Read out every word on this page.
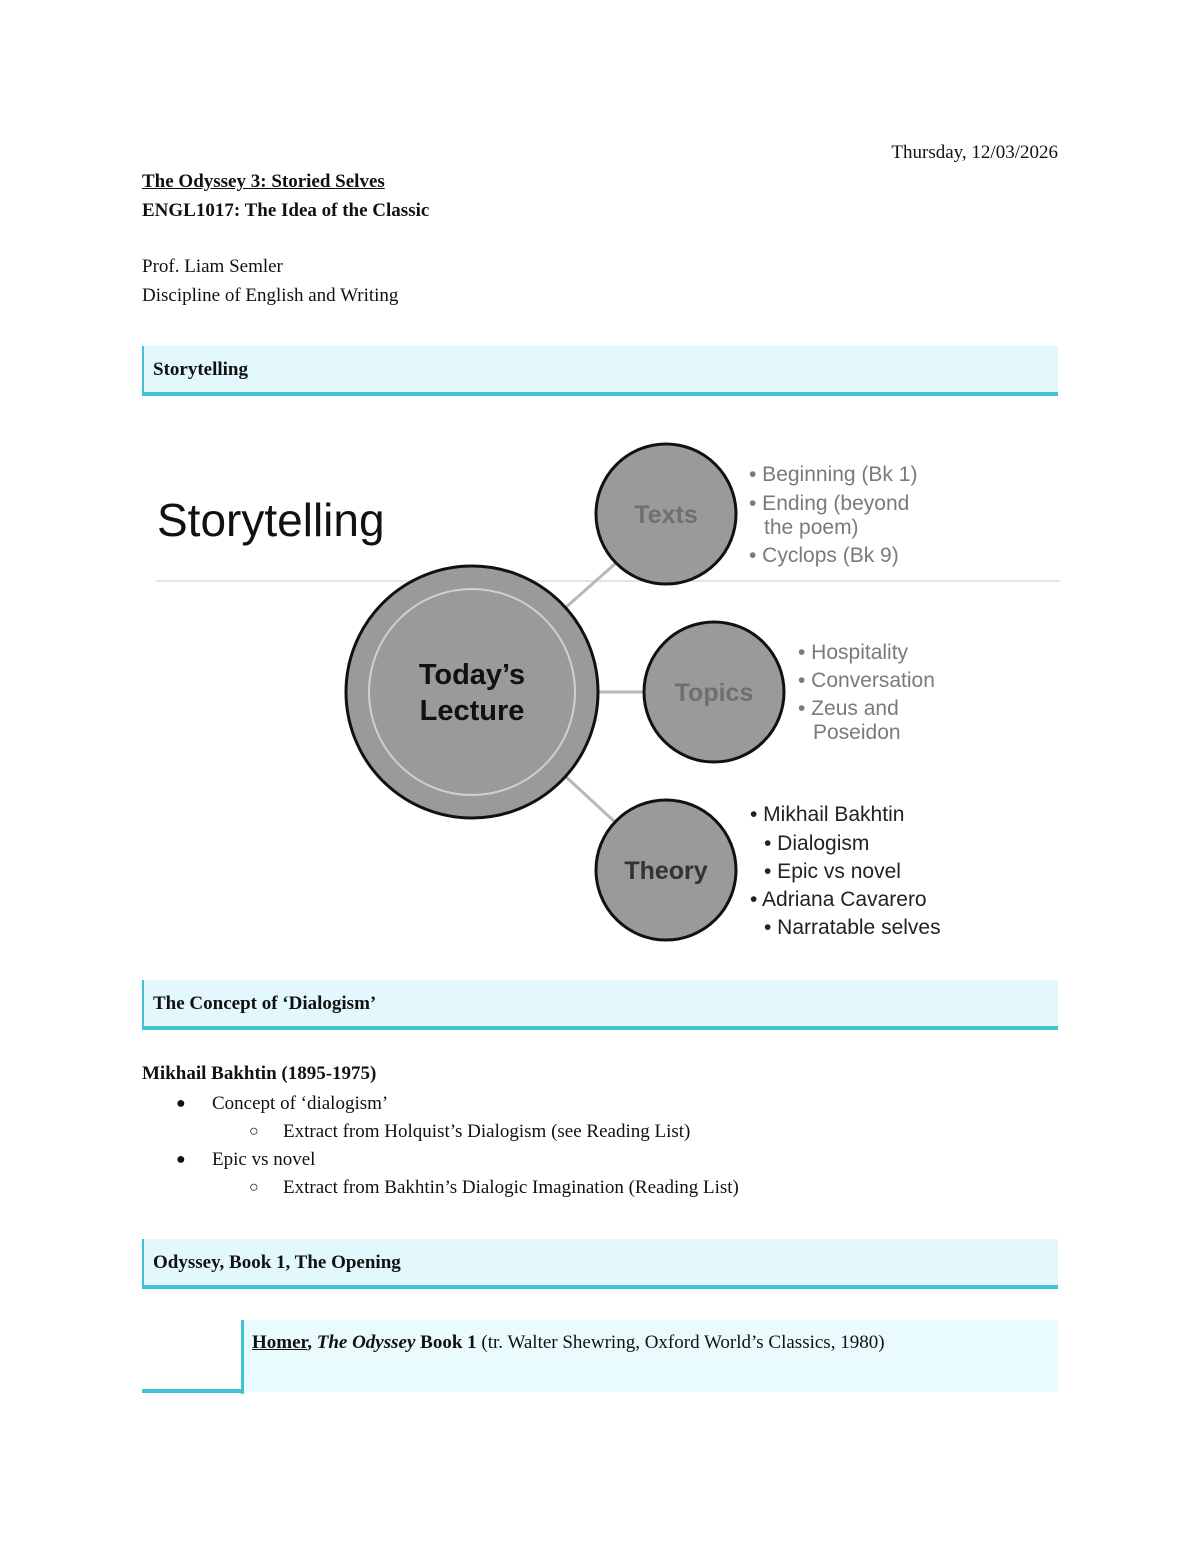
Thursday, 12/03/2026
The Odyssey 3: Storied Selves
ENGL1017: The Idea of the Classic
Prof. Liam Semler
Discipline of English and Writing
Storytelling
Storytelling
Today’s
Lecture
Texts
• Beginning (Bk 1)
• Ending (beyond
the poem)
• Cyclops (Bk 9)
Topics
• Hospitality
• Conversation
• Zeus and
Poseidon
Theory
• Mikhail Bakhtin
• Dialogism
• Epic vs novel
• Adriana Cavarero
• Narratable selves
The Concept of ‘Dialogism’
Mikhail Bakhtin (1895-1975)
● Concept of ‘dialogism’
○ Extract from Holquist’s Dialogism (see Reading List)
● Epic vs novel
○ Extract from Bakhtin’s Dialogic Imagination (Reading List)
Odyssey, Book 1, The Opening
Homer, The Odyssey Book 1 (tr. Walter Shewring, Oxford World’s Classics, 1980)
